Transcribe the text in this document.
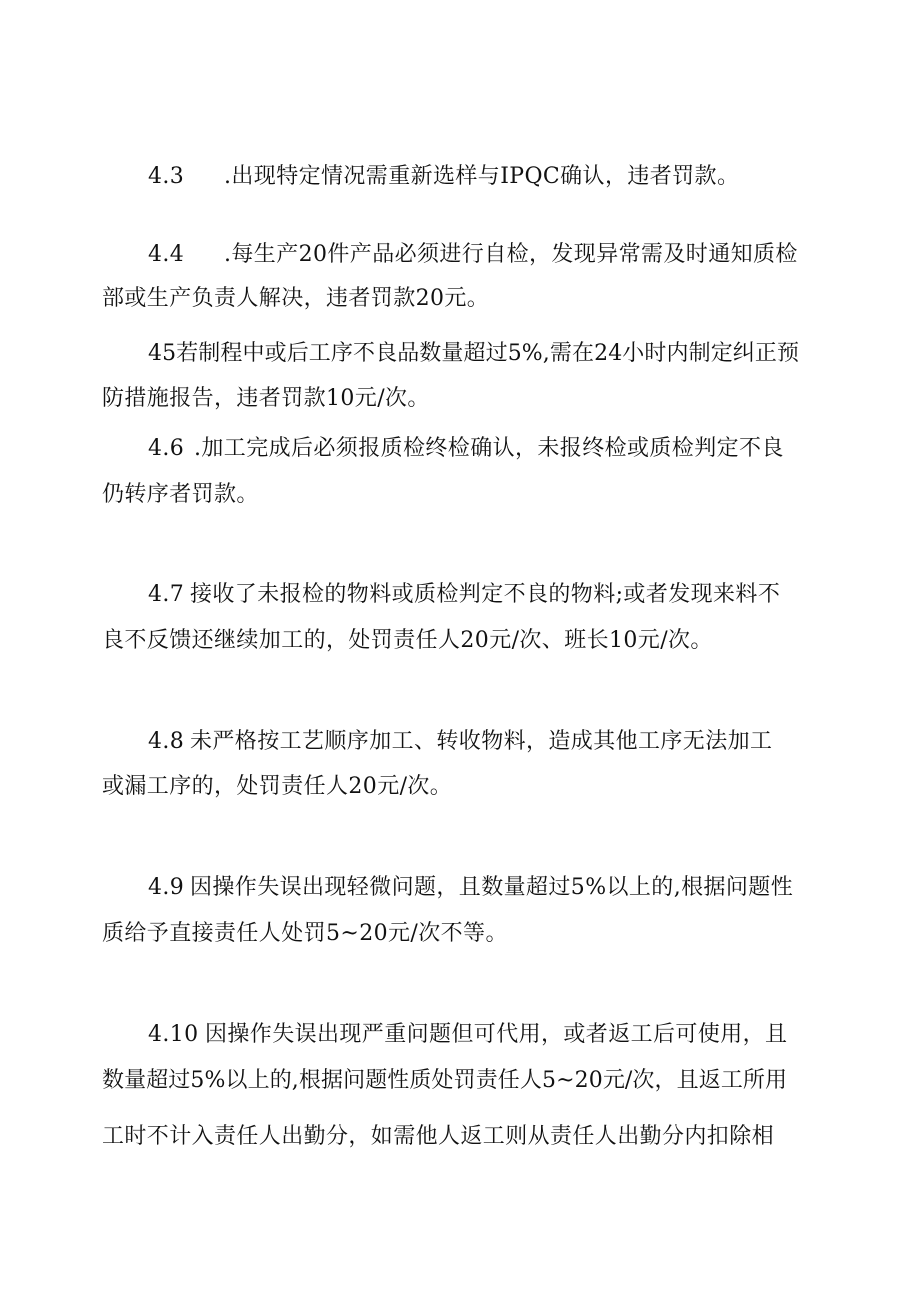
4.3 .出现特定情况需重新选样与IPQC确认，违者罚款。
4.4 .每生产20件产品必须进行自检，发现异常需及时通知质检
部或生产负责人解决，违者罚款20元。
45若制程中或后工序不良品数量超过5%,需在24小时内制定纠正预
防措施报告，违者罚款10元/次。
4.6 .加工完成后必须报质检终检确认，未报终检或质检判定不良
仍转序者罚款。
4.7 接收了未报检的物料或质检判定不良的物料;或者发现来料不
良不反馈还继续加工的，处罚责任人20元/次、班长10元/次。
4.8 未严格按工艺顺序加工、转收物料，造成其他工序无法加工
或漏工序的，处罚责任人20元/次。
4.9 因操作失误出现轻微问题，且数量超过5%以上的,根据问题性
质给予直接责任人处罚5~20元/次不等。
4.10 因操作失误出现严重问题但可代用，或者返工后可使用，且
数量超过5%以上的,根据问题性质处罚责任人5~20元/次，且返工所用
工时不计入责任人出勤分，如需他人返工则从责任人出勤分内扣除相
